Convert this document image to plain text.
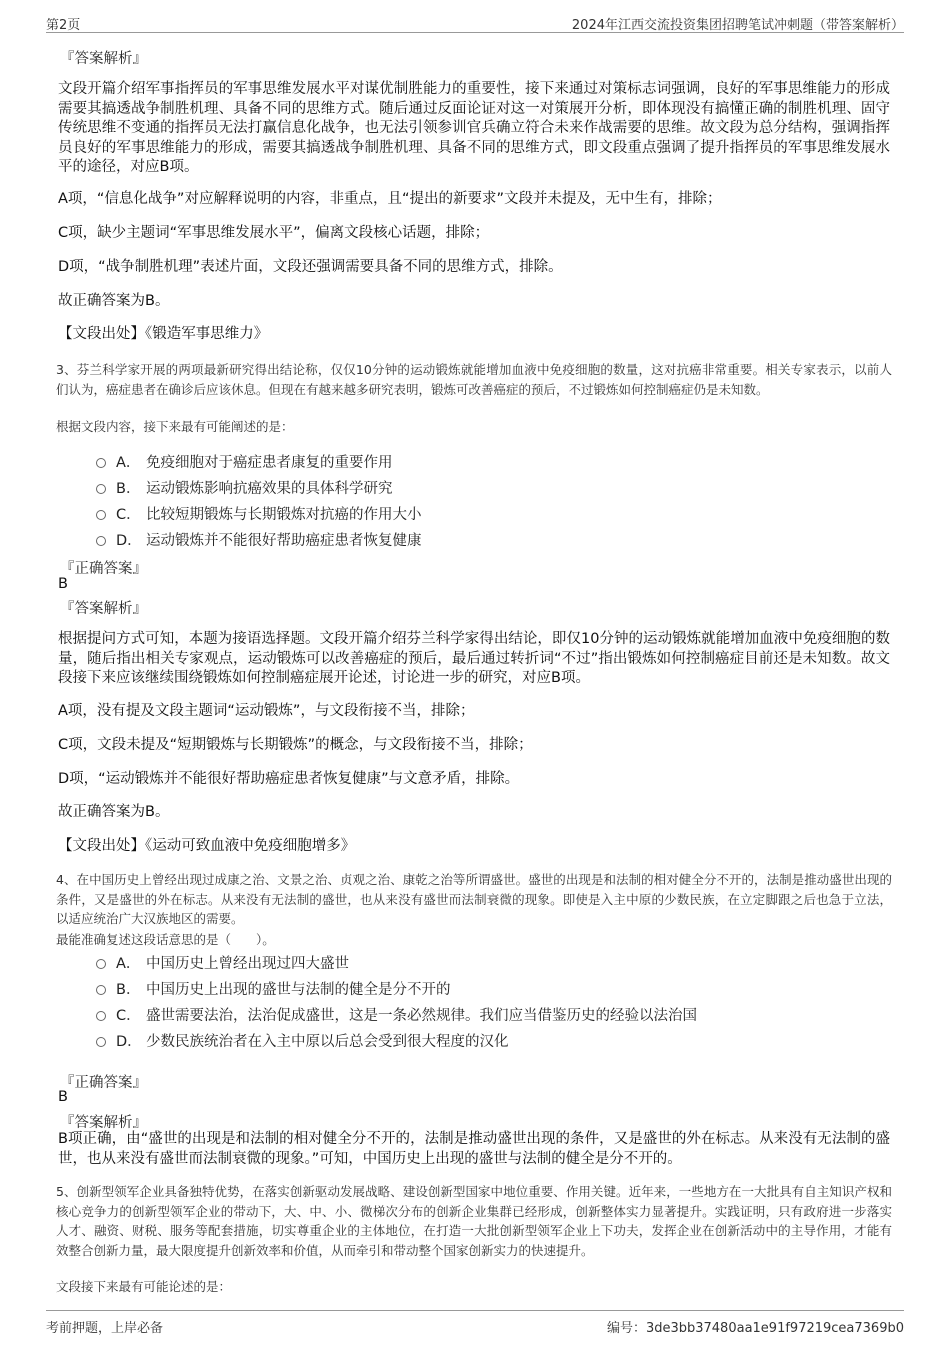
第2页	2024年江西交流投资集团招聘笔试冲刺题（带答案解析）

『答案解析』

文段开篇介绍军事指挥员的军事思维发展水平对谋优制胜能力的重要性，接下来通过对策标志词强调，良好的军事思维能力的形成需要其搞透战争制胜机理、具备不同的思维方式。随后通过反面论证对这一对策展开分析，即体现没有搞懂正确的制胜机理、固守传统思维不变通的指挥员无法打赢信息化战争，也无法引领参训官兵确立符合未来作战需要的思维。故文段为总分结构，强调指挥员良好的军事思维能力的形成，需要其搞透战争制胜机理、具备不同的思维方式，即文段重点强调了提升指挥员的军事思维发展水平的途径，对应B项。

A项，“信息化战争”对应解释说明的内容，非重点，且“提出的新要求”文段并未提及，无中生有，排除；

C项，缺少主题词“军事思维发展水平”，偏离文段核心话题，排除；

D项，“战争制胜机理”表述片面，文段还强调需要具备不同的思维方式，排除。

故正确答案为B。

【文段出处】《锻造军事思维力》

3、芬兰科学家开展的两项最新研究得出结论称，仅仅10分钟的运动锻炼就能增加血液中免疫细胞的数量，这对抗癌非常重要。相关专家表示，以前人们认为，癌症患者在确诊后应该休息。但现在有越来越多研究表明，锻炼可改善癌症的预后，不过锻炼如何控制癌症仍是未知数。

根据文段内容，接下来最有可能阐述的是：

A． 免疫细胞对于癌症患者康复的重要作用
B． 运动锻炼影响抗癌效果的具体科学研究
C． 比较短期锻炼与长期锻炼对抗癌的作用大小
D． 运动锻炼并不能很好帮助癌症患者恢复健康

『正确答案』

B

『答案解析』

根据提问方式可知，本题为接语选择题。文段开篇介绍芬兰科学家得出结论，即仅10分钟的运动锻炼就能增加血液中免疫细胞的数量，随后指出相关专家观点，运动锻炼可以改善癌症的预后，最后通过转折词“不过”指出锻炼如何控制癌症目前还是未知数。故文段接下来应该继续围绕锻炼如何控制癌症展开论述，讨论进一步的研究，对应B项。

A项，没有提及文段主题词“运动锻炼”，与文段衔接不当，排除；

C项，文段未提及“短期锻炼与长期锻炼”的概念，与文段衔接不当，排除；

D项，“运动锻炼并不能很好帮助癌症患者恢复健康”与文意矛盾，排除。

故正确答案为B。

【文段出处】《运动可致血液中免疫细胞增多》

4、在中国历史上曾经出现过成康之治、文景之治、贞观之治、康乾之治等所谓盛世。盛世的出现是和法制的相对健全分不开的，法制是推动盛世出现的条件，又是盛世的外在标志。从来没有无法制的盛世，也从来没有盛世而法制衰微的现象。即使是入主中原的少数民族，在立定脚跟之后也急于立法，以适应统治广大汉族地区的需要。

最能准确复述这段话意思的是（　　）。

A． 中国历史上曾经出现过四大盛世
B． 中国历史上出现的盛世与法制的健全是分不开的
C． 盛世需要法治，法治促成盛世，这是一条必然规律。我们应当借鉴历史的经验以法治国
D． 少数民族统治者在入主中原以后总会受到很大程度的汉化

『正确答案』

B

『答案解析』

B项正确，由“盛世的出现是和法制的相对健全分不开的，法制是推动盛世出现的条件，又是盛世的外在标志。从来没有无法制的盛世，也从来没有盛世而法制衰微的现象。”可知，中国历史上出现的盛世与法制的健全是分不开的。

5、创新型领军企业具备独特优势，在落实创新驱动发展战略、建设创新型国家中地位重要、作用关键。近年来，一些地方在一大批具有自主知识产权和核心竞争力的创新型领军企业的带动下，大、中、小、微梯次分布的创新企业集群已经形成，创新整体实力显著提升。实践证明，只有政府进一步落实人才、融资、财税、服务等配套措施，切实尊重企业的主体地位，在打造一大批创新型领军企业上下功夫，发挥企业在创新活动中的主导作用，才能有效整合创新力量，最大限度提升创新效率和价值，从而牵引和带动整个国家创新实力的快速提升。

文段接下来最有可能论述的是：

考前押题，上岸必备	编号：3de3bb37480aa1e91f97219cea7369b0
